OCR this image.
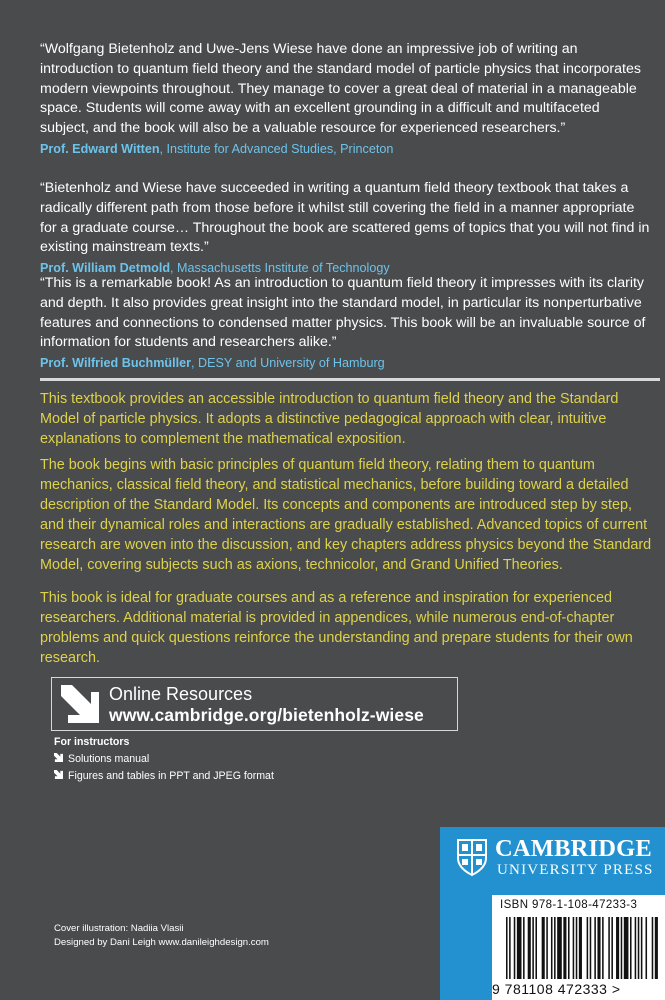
“Wolfgang Bietenholz and Uwe-Jens Wiese have done an impressive job of writing an introduction to quantum field theory and the standard model of particle physics that incorporates modern viewpoints throughout. They manage to cover a great deal of material in a manageable space. Students will come away with an excellent grounding in a difficult and multifaceted subject, and the book will also be a valuable resource for experienced researchers.”

Prof. Edward Witten, Institute for Advanced Studies, Princeton

“Bietenholz and Wiese have succeeded in writing a quantum field theory textbook that takes a radically different path from those before it whilst still covering the field in a manner appropriate for a graduate course… Throughout the book are scattered gems of topics that you will not find in existing mainstream texts.”

Prof. William Detmold, Massachusetts Institute of Technology

“This is a remarkable book! As an introduction to quantum field theory it impresses with its clarity and depth. It also provides great insight into the standard model, in particular its nonperturbative features and connections to condensed matter physics. This book will be an invaluable source of information for students and researchers alike.”

Prof. Wilfried Buchmüller, DESY and University of Hamburg

This textbook provides an accessible introduction to quantum field theory and the Standard Model of particle physics. It adopts a distinctive pedagogical approach with clear, intuitive explanations to complement the mathematical exposition.

The book begins with basic principles of quantum field theory, relating them to quantum mechanics, classical field theory, and statistical mechanics, before building toward a detailed description of the Standard Model. Its concepts and components are introduced step by step, and their dynamical roles and interactions are gradually established. Advanced topics of current research are woven into the discussion, and key chapters address physics beyond the Standard Model, covering subjects such as axions, technicolor, and Grand Unified Theories.

This book is ideal for graduate courses and as a reference and inspiration for experienced researchers. Additional material is provided in appendices, while numerous end-of-chapter problems and quick questions reinforce the understanding and prepare students for their own research.

Online Resources
www.cambridge.org/bietenholz-wiese
For instructors
Solutions manual
Figures and tables in PPT and JPEG format
Cover illustration: Nadiia Vlasii
Designed by Dani Leigh www.danileighdesign.com
CAMBRIDGE
UNIVERSITY PRESS
ISBN 978-1-108-47233-3
9 781108 472333 >
